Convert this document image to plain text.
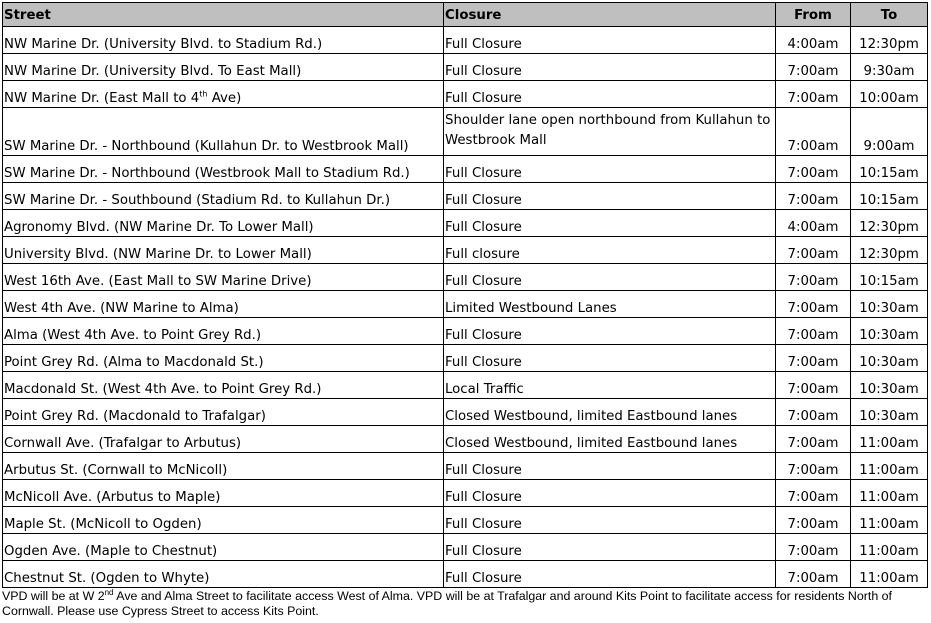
Street	Closure	From	To
NW Marine Dr. (University Blvd. to Stadium Rd.)	Full Closure	4:00am	12:30pm
NW Marine Dr. (University Blvd. To East Mall)	Full Closure	7:00am	9:30am
NW Marine Dr. (East Mall to 4th Ave)	Full Closure	7:00am	10:00am
SW Marine Dr. - Northbound (Kullahun Dr. to Westbrook Mall)	Shoulder lane open northbound from Kullahun to Westbrook Mall	7:00am	9:00am
SW Marine Dr. - Northbound (Westbrook Mall to Stadium Rd.)	Full Closure	7:00am	10:15am
SW Marine Dr. - Southbound (Stadium Rd. to Kullahun Dr.)	Full Closure	7:00am	10:15am
Agronomy Blvd. (NW Marine Dr. To Lower Mall)	Full Closure	4:00am	12:30pm
University Blvd. (NW Marine Dr. to Lower Mall)	Full closure	7:00am	12:30pm
West 16th Ave. (East Mall to SW Marine Drive)	Full Closure	7:00am	10:15am
West 4th Ave. (NW Marine to Alma)	Limited Westbound Lanes	7:00am	10:30am
Alma (West 4th Ave. to Point Grey Rd.)	Full Closure	7:00am	10:30am
Point Grey Rd. (Alma to Macdonald St.)	Full Closure	7:00am	10:30am
Macdonald St. (West 4th Ave. to Point Grey Rd.)	Local Traffic	7:00am	10:30am
Point Grey Rd. (Macdonald to Trafalgar)	Closed Westbound, limited Eastbound lanes	7:00am	10:30am
Cornwall Ave. (Trafalgar to Arbutus)	Closed Westbound, limited Eastbound lanes	7:00am	11:00am
Arbutus St. (Cornwall to McNicoll)	Full Closure	7:00am	11:00am
McNicoll Ave. (Arbutus to Maple)	Full Closure	7:00am	11:00am
Maple St. (McNicoll to Ogden)	Full Closure	7:00am	11:00am
Ogden Ave. (Maple to Chestnut)	Full Closure	7:00am	11:00am
Chestnut St. (Ogden to Whyte)	Full Closure	7:00am	11:00am
VPD will be at W 2nd Ave and Alma Street to facilitate access West of Alma. VPD will be at Trafalgar and around Kits Point to facilitate access for residents North of Cornwall. Please use Cypress Street to access Kits Point.
